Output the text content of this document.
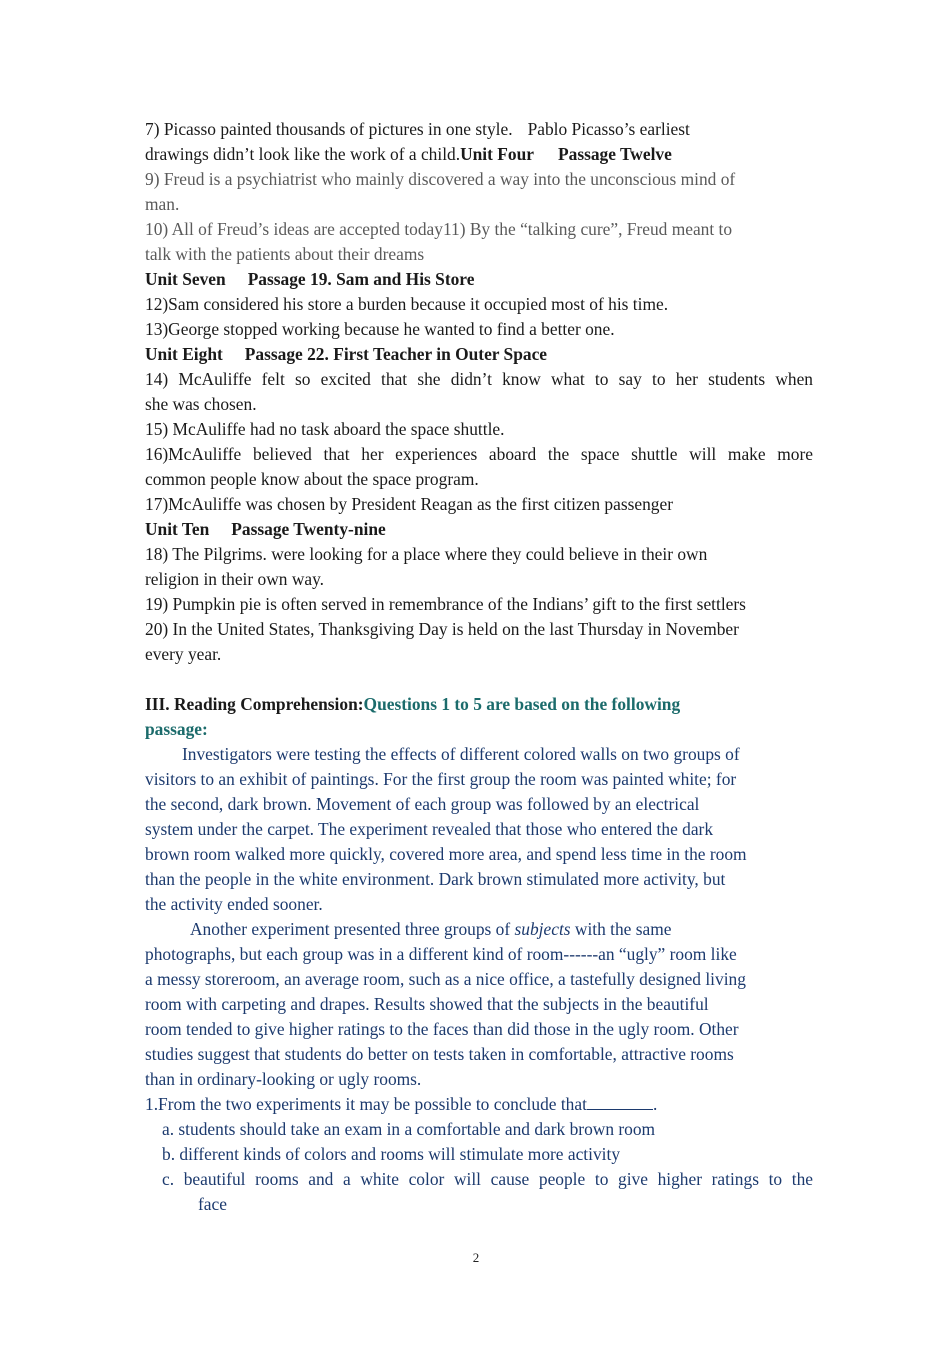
7) Picasso painted thousands of pictures in one style. Pablo Picasso’s earliest
drawings didn’t look like the work of a child.Unit Four Passage Twelve
9) Freud is a psychiatrist who mainly discovered a way into the unconscious mind of
man.
10) All of Freud’s ideas are accepted today11) By the “talking cure”, Freud meant to
talk with the patients about their dreams
Unit Seven Passage 19. Sam and His Store
12)Sam considered his store a burden because it occupied most of his time.
13)George stopped working because he wanted to find a better one.
Unit Eight Passage 22. First Teacher in Outer Space
14) McAuliffe felt so excited that she didn’t know what to say to her students when
she was chosen.
15) McAuliffe had no task aboard the space shuttle.
16)McAuliffe believed that her experiences aboard the space shuttle will make more
common people know about the space program.
17)McAuliffe was chosen by President Reagan as the first citizen passenger
Unit Ten Passage Twenty-nine
18) The Pilgrims. were looking for a place where they could believe in their own
religion in their own way.
19) Pumpkin pie is often served in remembrance of the Indians’ gift to the first settlers
20) In the United States, Thanksgiving Day is held on the last Thursday in November
every year.
III. Reading Comprehension:Questions 1 to 5 are based on the following
passage:
Investigators were testing the effects of different colored walls on two groups of
visitors to an exhibit of paintings. For the first group the room was painted white; for
the second, dark brown. Movement of each group was followed by an electrical
system under the carpet. The experiment revealed that those who entered the dark
brown room walked more quickly, covered more area, and spend less time in the room
than the people in the white environment. Dark brown stimulated more activity, but
the activity ended sooner.
Another experiment presented three groups of subjects with the same
photographs, but each group was in a different kind of room------an “ugly” room like
a messy storeroom, an average room, such as a nice office, a tastefully designed living
room with carpeting and drapes. Results showed that the subjects in the beautiful
room tended to give higher ratings to the faces than did those in the ugly room. Other
studies suggest that students do better on tests taken in comfortable, attractive rooms
than in ordinary-looking or ugly rooms.
1.From the two experiments it may be possible to conclude that	.
a. students should take an exam in a comfortable and dark brown room
b. different kinds of colors and rooms will stimulate more activity
c. beautiful rooms and a white color will cause people to give higher ratings to the
face
2
